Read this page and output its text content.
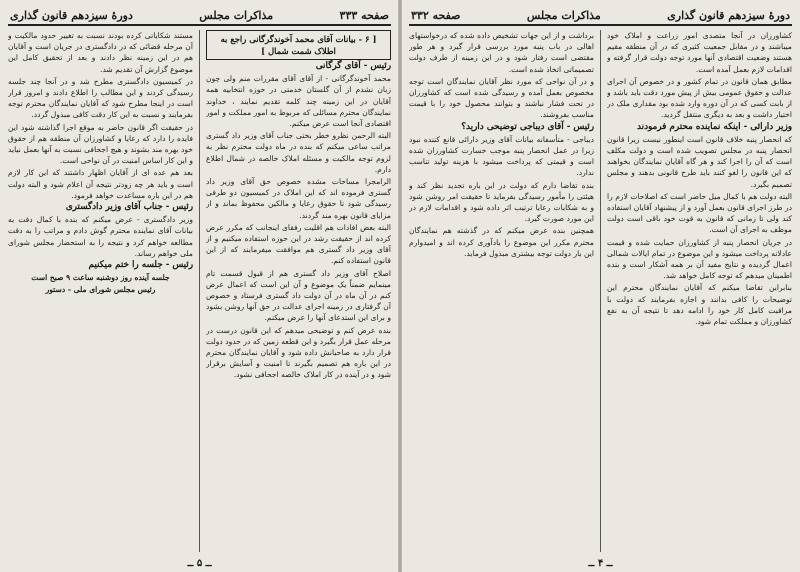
صفحه ۳۳۳
مذاکرات مجلس
دورهٔ سیزدهم قانون گذاری

[ ۶ - بیانات آقای محمد آخوندگرگانی راجع به اطلاک شمت شمال ]

رئیس - آقای گرگانی

محمد آخوندگرگانی - از آقای آقای مقررات منم ولی چون زبان نشدم از آن گلستان خدمتی در حوزه انتخابیه همه آقایان در این زمینه چند کلمه تقدیم نمایند ، خداوند نمایندگان محترم مسائلی که مربوط به امور مملکت و امور اقتصادی آنجا است عرض میکنم.

البته الرحمن نظرو خطر بختی جناب آقای وزیر داد گستری مراتب ساعی میکنم که بنده در ماه دولت محترم نظر به لزوم توجه مالکیت و مسئله املاک خالصه در شمال اطلاع دارم.

الرامجرا مساحات مشده خصوص حق آقای وزیر داد گستری فرموده اند که این املاک در کمیسیون دو طرفی رسیدگی شود تا حقوق رعایا و مالکین محفوظ بماند و از مزایای قانون بهره مند گردند.

البته بعض افادات هم اقلیت رفقای اینجانب که مکرر عرض کرده اند از حقیقت رشد در این حوزه استفاده میکنیم و از آقای وزیر داد گستری هم موافقت میفرمایند که از این قانون استفاده کنم.

اصلاح آقای وزیر داد گستری هم از قبول قسمت تام مینمایم ضمناً یک موضوع و آن این است که اعمال عرض کنم در آن ماه در آن دولت داد گستری فرستاد و خصوص آن گرفتاری در زمینه اجرای عدالت در حق آنها روشن بشود و برای این استدعای آنها را عرض میکنم.

بنده عرض کنم و توضیحی میدهم که این قانون درست در مرحله عمل قرار بگیرد و این قطعه زمین که در حدود دولت قرار دارد به صاحبانش داده شود و آقایان نمایندگان محترم در این باره هم تصمیم بگیرند تا امنیت و آسایش برقرار شود و در آینده در کار املاک خالصه اجحافی نشود.

مستند شکایاتی کرده بودند نسبت به تغییر حدود مالکیت و آن مرحله قضائی که در دادگستری در جریان است و آقایان هم در این زمینه نظر دادند و بعد از تحقیق کامل این موضوع گزارش آن تقدیم شد.

در کمیسیون دادگستری مطرح شد و در آنجا چند جلسه رسیدگی کردند و این مطالب را اطلاع دادند و امروز قرار است در اینجا مطرح شود که آقایان نمایندگان محترم توجه بفرمایند و نسبت به این کار دقت کافی مبذول گردد.

در حقیقت اگر قانون حاضر به موقع اجرا گذاشته شود این فایده را دارد که رعایا و کشاورزان آن منطقه هم از حقوق خود بهره مند بشوند و هیچ اجحافی نسبت به آنها بعمل نیاید و این کار اساس امنیت در آن نواحی است.

بعد هم عده ای از آقایان اظهار داشتند که این کار لازم است و باید هر چه زودتر نتیجه آن اعلام شود و البته دولت هم در این باره مساعدت خواهد فرمود.

رئیس - جناب آقای وزیر دادگستری

وزیر دادگستری - عرض میکنم که بنده با کمال دقت به بیانات آقای نماینده محترم گوش دادم و مراتب را به دقت مطالعه خواهم کرد و نتیجه را به استحضار مجلس شورای ملی خواهم رساند.

رئیس - جلسه را ختم میکنیم

جلسه آینده روز دوشنبه ساعت ۹ صبح است

رئیس مجلس شورای ملی - دستور

ــ ۵ ــ
دورهٔ سیزدهم قانون گذاری
مذاکرات مجلس
صفحه ۳۳۲

کشاورزان در آنجا متصدی امور زراعت و املاک خود میباشند و در مقابل جمعیت کثیری که در آن منطقه مقیم هستند وضعیت اقتصادی آنها مورد توجه دولت قرار گرفته و اقدامات لازم بعمل آمده است.

مطابق همان قانون در تمام کشور و در خصوص آن اجرای عدالت و حقوق عمومی بیش از پیش مورد دقت باید باشد و از بابت کسی که در آن دوره وارد شده بود مقداری ملک در اختیار داشت و بعد به دیگری منتقل گردید.

وزیر دارائی - اینکه نماینده محترم فرمودند

که انحصار پنبه خلاف قانون است اینطور نیست زیرا قانون انحصار پنبه در مجلس تصویب شده است و دولت مکلف است که آن را اجرا کند و هر گاه آقایان نمایندگان بخواهند که این قانون را لغو کنند باید طرح قانونی بدهند و مجلس تصمیم بگیرد.

البته دولت هم با کمال میل حاضر است که اصلاحات لازم را در طرز اجرای قانون بعمل آورد و از پیشنهاد آقایان استفاده کند ولی تا زمانی که قانون به قوت خود باقی است دولت موظف به اجرای آن است.

در جریان انحصار پنبه از کشاورزان حمایت شده و قیمت عادلانه پرداخت میشود و این موضوع در تمام ایالات شمالی اعمال گردیده و نتایج مفید آن بر همه آشکار است و بنده اطمینان میدهم که توجه کامل خواهد شد.

بنابراین تقاضا میکنم که آقایان نمایندگان محترم این توضیحات را کافی بدانند و اجازه بفرمایند که دولت با مراقبت کامل کار خود را ادامه دهد تا نتیجه آن به نفع کشاورزان و مملکت تمام شود.

برداشت و از این جهات تشخیص داده شده که درخواستهای اهالی در باب پنبه مورد بررسی قرار گیرد و هر طور مقتضی است رفتار شود و در این زمینه از طرف دولت تصمیماتی اتخاذ شده است.

و در آن نواحی که مورد نظر آقایان نمایندگان است توجه مخصوص بعمل آمده و رسیدگی شده است که کشاورزان در تحت فشار نباشند و بتوانند محصول خود را با قیمت مناسب بفروشند.

رئیس - آقای دیباجی توضیحی دارید؟

دیباجی - متأسفانه بیانات آقای وزیر دارائی قانع کننده نبود زیرا در عمل انحصار پنبه موجب خسارت کشاورزان شده است و قیمتی که پرداخت میشود با هزینه تولید تناسب ندارد.

بنده تقاضا دارم که دولت در این باره تجدید نظر کند و هیئتی را مأمور رسیدگی بفرماید تا حقیقت امر روشن شود و به شکایات رعایا ترتیب اثر داده شود و اقدامات لازم در این مورد صورت گیرد.

همچنین بنده عرض میکنم که در گذشته هم نمایندگان محترم مکرر این موضوع را یادآوری کرده اند و امیدوارم این بار دولت توجه بیشتری مبذول فرماید.

ــ ۴ ــ
